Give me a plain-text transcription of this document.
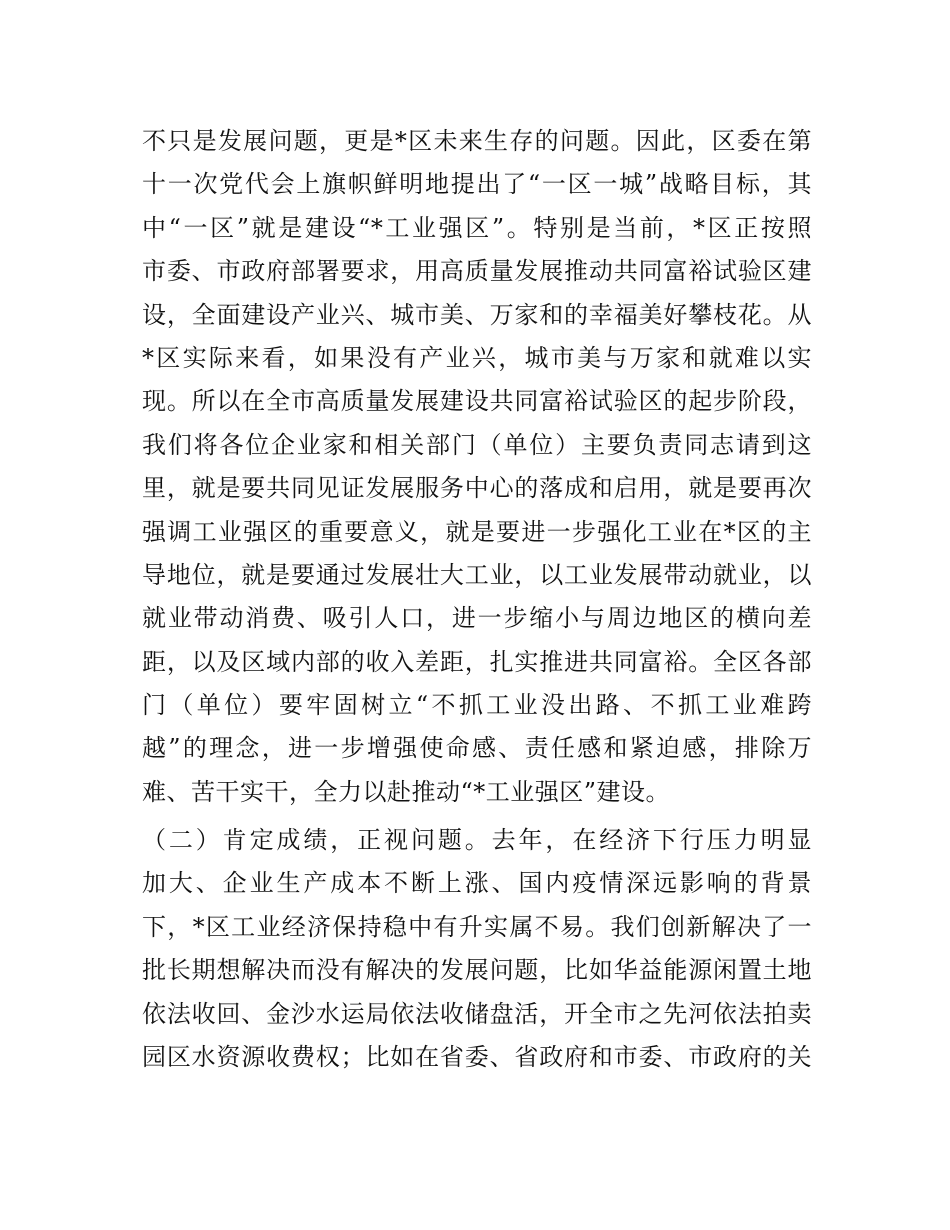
不只是发展问题，更是*区未来生存的问题。因此，区委在第
十一次党代会上旗帜鲜明地提出了“一区一城”战略目标，其
中“一区”就是建设“*工业强区”。特别是当前，*区正按照
市委、市政府部署要求，用高质量发展推动共同富裕试验区建
设，全面建设产业兴、城市美、万家和的幸福美好攀枝花。从
*区实际来看，如果没有产业兴，城市美与万家和就难以实
现。所以在全市高质量发展建设共同富裕试验区的起步阶段，
我们将各位企业家和相关部门（单位）主要负责同志请到这
里，就是要共同见证发展服务中心的落成和启用，就是要再次
强调工业强区的重要意义，就是要进一步强化工业在*区的主
导地位，就是要通过发展壮大工业，以工业发展带动就业，以
就业带动消费、吸引人口，进一步缩小与周边地区的横向差
距，以及区域内部的收入差距，扎实推进共同富裕。全区各部
门（单位）要牢固树立“不抓工业没出路、不抓工业难跨
越”的理念，进一步增强使命感、责任感和紧迫感，排除万
难、苦干实干，全力以赴推动“*工业强区”建设。
（二）肯定成绩，正视问题。去年，在经济下行压力明显
加大、企业生产成本不断上涨、国内疫情深远影响的背景
下，*区工业经济保持稳中有升实属不易。我们创新解决了一
批长期想解决而没有解决的发展问题，比如华益能源闲置土地
依法收回、金沙水运局依法收储盘活，开全市之先河依法拍卖
园区水资源收费权；比如在省委、省政府和市委、市政府的关
